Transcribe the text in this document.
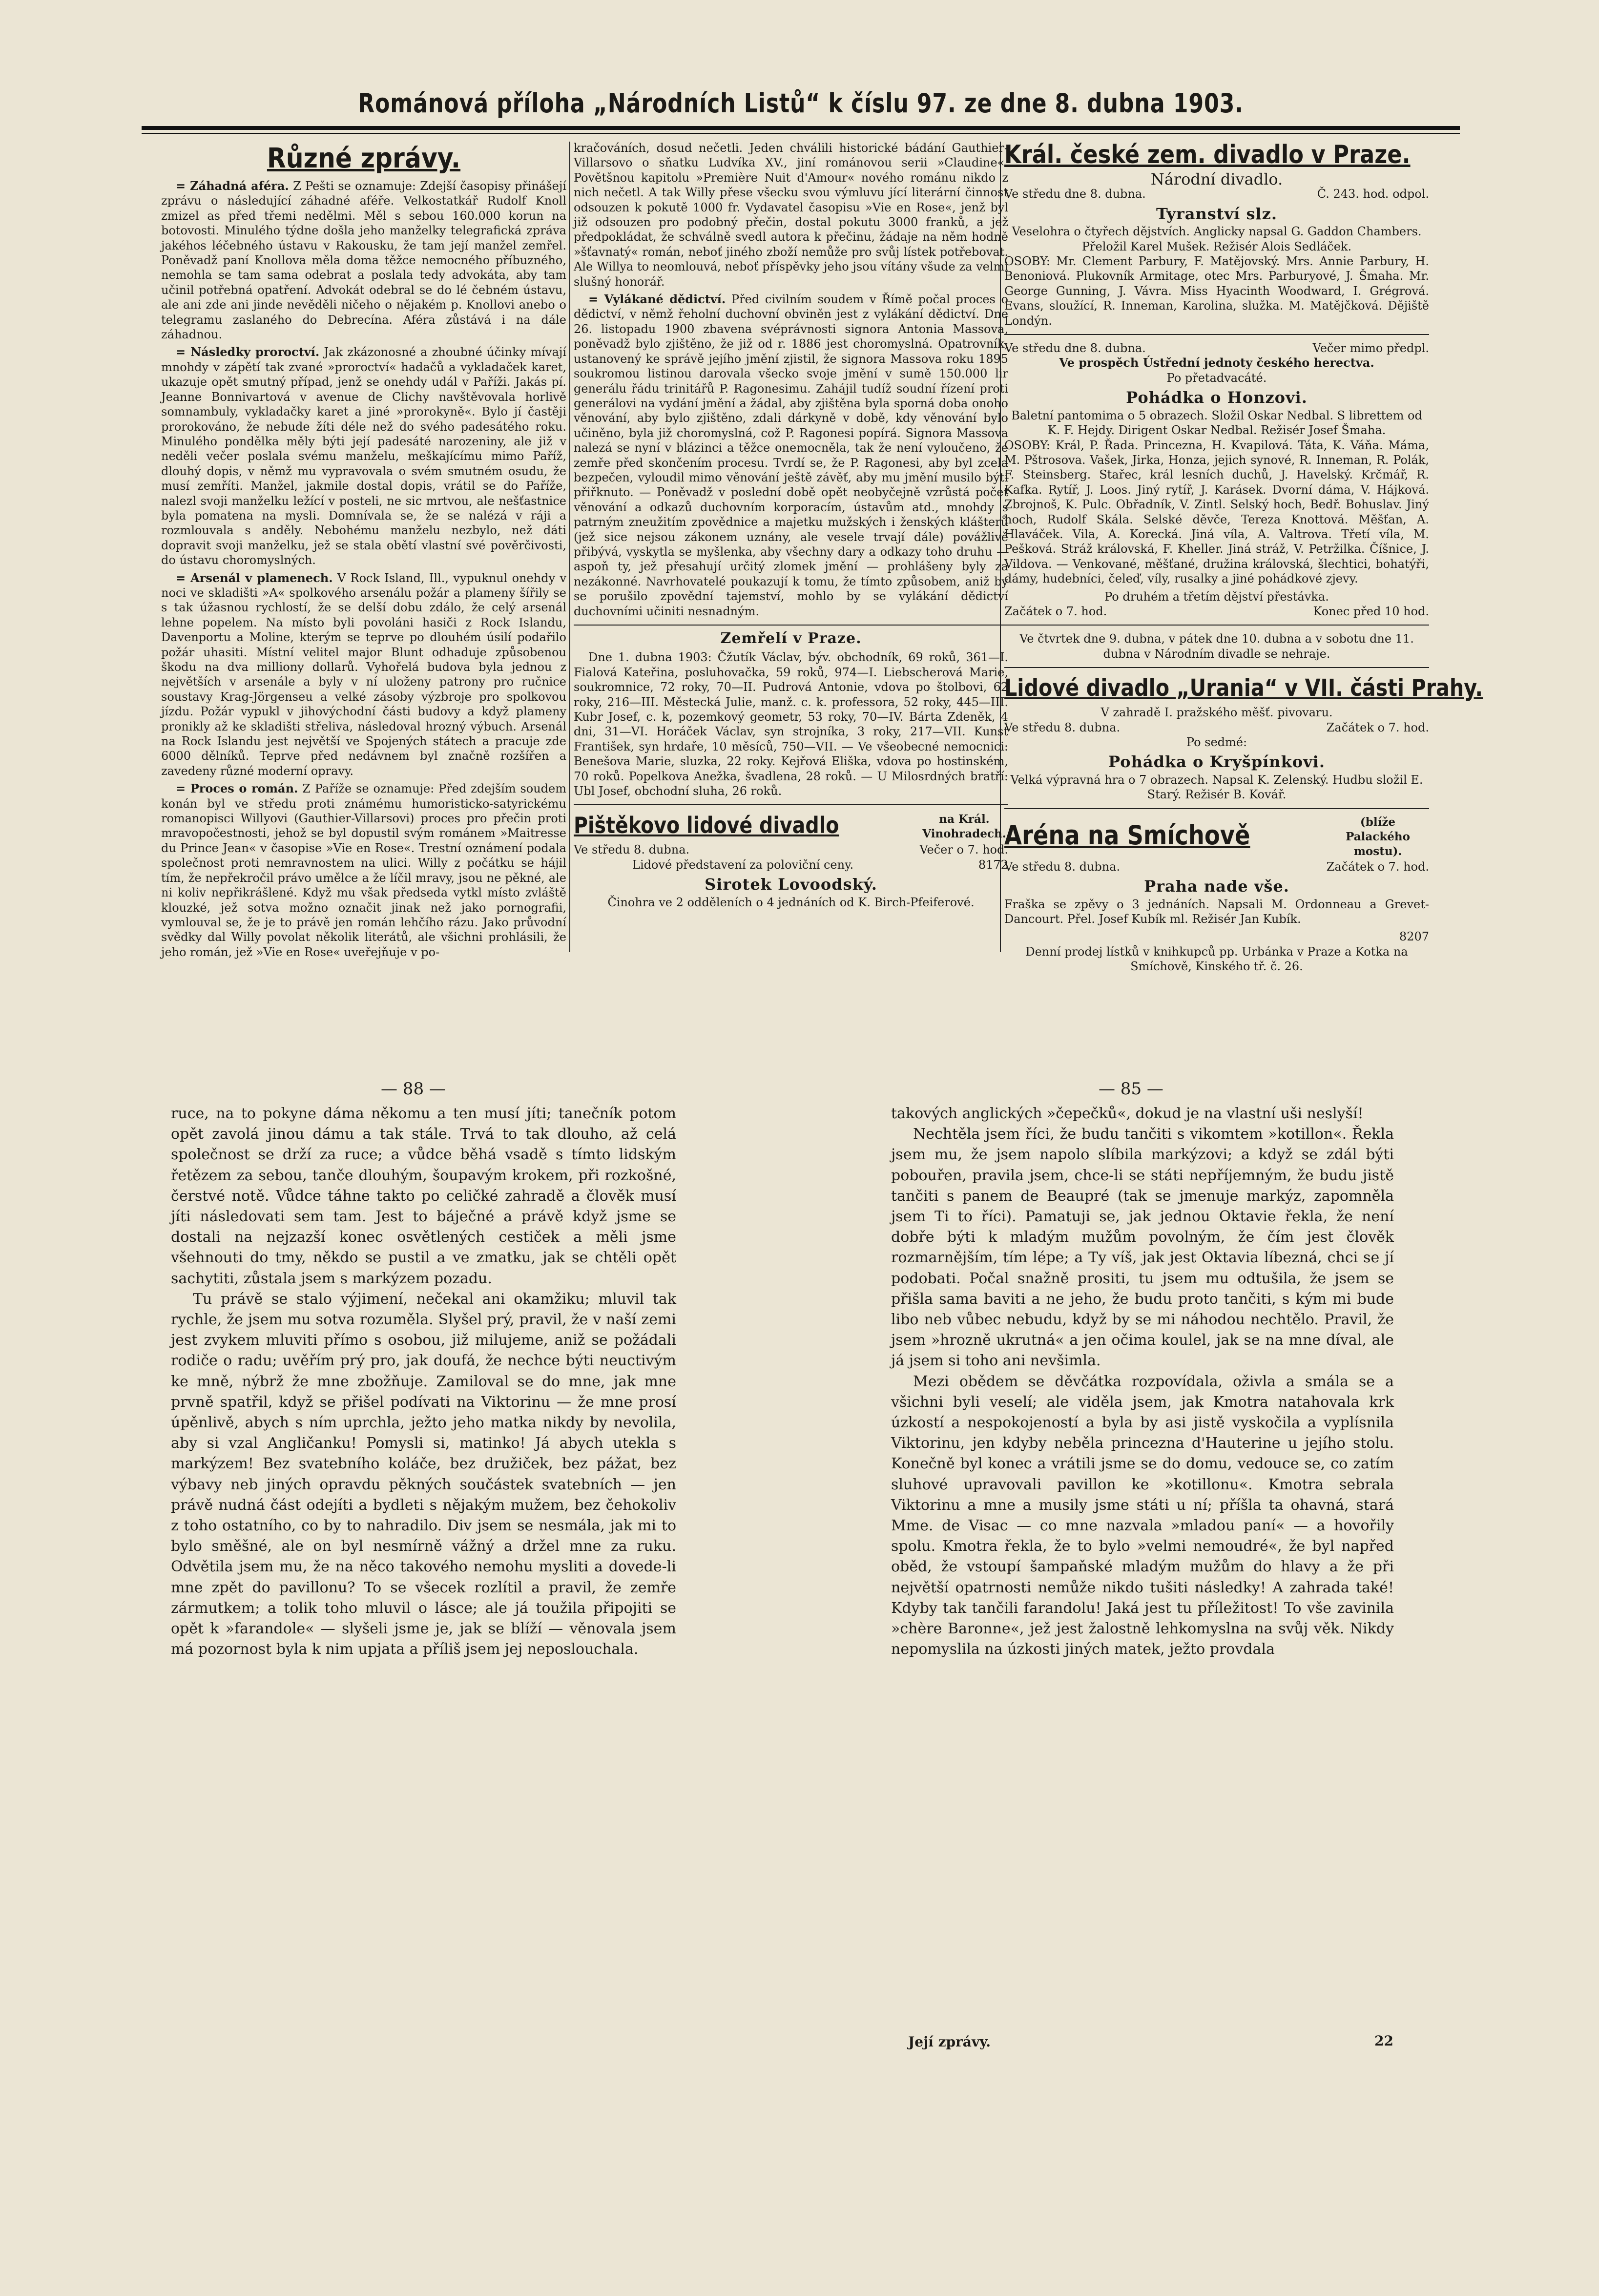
Románová příloha „Národních Listů“ k číslu 97. ze dne 8. dubna 1903.
Různé zprávy.

= Záhadná aféra. Z Pešti se oznamuje: Zdejší časopisy přinášejí zprávu o následující záhadné aféře. Velkostatkář Rudolf Knoll zmizel as před třemi nedělmi. Měl s sebou 160.000 korun na botovosti. Minulého týdne došla jeho manželky telegrafická zpráva jakéhos léčebného ústavu v Rakousku, že tam její manžel zemřel. Poněvadž paní Knollova měla doma těžce nemocného příbuzného, nemohla se tam sama odebrat a poslala tedy advokáta, aby tam učinil potřebná opatření. Advokát odebral se do lé čebném ústavu, ale ani zde ani jinde nevěděli ničeho o nějakém p. Knollovi anebo o telegramu zaslaného do Debrecína. Aféra zůstává i na dále záhadnou.

= Následky proroctví. Jak zkázonosné a zhoubné účinky mívají mnohdy v zápětí tak zvané »proroctví« hadačů a vykladaček karet, ukazuje opět smutný případ, jenž se onehdy udál v Paříži. Jakás pí. Jeanne Bonnivartová v avenue de Clichy navštěvovala horlivě somnambuly, vykladačky karet a jiné »prorokyně«. Bylo jí častěji prorokováno, že nebude žíti déle než do svého padesátého roku. Minulého pondělka měly býti její padesáté narozeniny, ale již v neděli večer poslala svému manželu, meškajícímu mimo Paříž, dlouhý dopis, v němž mu vypravovala o svém smutném osudu, že musí zemříti. Manžel, jakmile dostal dopis, vrátil se do Paříže, nalezl svoji manželku ležící v posteli, ne sic mrtvou, ale nešťastnice byla pomatena na mysli. Domnívala se, že se nalézá v ráji a rozmlouvala s anděly. Nebohému manželu nezbylo, než dáti dopravit svoji manželku, jež se stala obětí vlastní své pověrčivosti, do ústavu choromyslných.

= Arsenál v plamenech. V Rock Island, Ill., vypuknul onehdy v noci ve skladišti »A« spolkového arsenálu požár a plameny šířily se s tak úžasnou rychlostí, že se delší dobu zdálo, že celý arsenál lehne popelem. Na místo byli povoláni hasiči z Rock Islandu, Davenportu a Moline, kterým se teprve po dlouhém úsilí podařilo požár uhasiti. Místní velitel major Blunt odhaduje způsobenou škodu na dva milliony dollarů. Vyhořelá budova byla jednou z největších v arsenále a byly v ní uloženy patrony pro ručnice soustavy Krag-Jörgenseu a velké zásoby výzbroje pro spolkovou jízdu. Požár vypukl v jihovýchodní části budovy a když plameny pronikly až ke skladišti střeliva, následoval hrozný výbuch. Arsenál na Rock Islandu jest největší ve Spojených státech a pracuje zde 6000 dělníků. Teprve před nedávnem byl značně rozšířen a zavedeny různé moderní opravy.

= Proces o román. Z Paříže se oznamuje: Před zdejším soudem konán byl ve středu proti známému humoristicko-satyrickému romanopisci Willyovi (Gauthier-Villarsovi) proces pro přečin proti mravopočestnosti, jehož se byl dopustil svým románem »Maitresse du Prince Jean« v časopise »Vie en Rose«. Trestní oznámení podala společnost proti nemravnostem na ulici. Willy z počátku se hájil tím, že nepřekročil právo umělce a že líčil mravy, jsou ne pěkné, ale ni koliv nepřikrášlené. Když mu však předseda vytkl místo zvláště klouzké, jež sotva možno označit jinak než jako pornografii, vymlouval se, že je to právě jen román lehčího rázu. Jako průvodní svědky dal Willy povolat několik literátů, ale všichni prohlásili, že jeho román, jež »Vie en Rose« uveřejňuje v po-

kračováních, dosud nečetli. Jeden chválili historické bádání Gauthier-Villarsovo o sňatku Ludvíka XV., jiní románovou serii »Claudine«. Povětšnou kapitolu »Première Nuit d'Amour« nového románu nikdo z nich nečetl. A tak Willy přese všecku svou výmluvu jící literární činnost odsouzen k pokutě 1000 fr. Vydavatel časopisu »Vie en Rose«, jenž byl již odsouzen pro podobný přečin, dostal pokutu 3000 franků, a jež předpokládat, že schválně svedl autora k přečinu, žádaje na něm hodně »šťavnatý« román, neboť jiného zboží nemůže pro svůj lístek potřebovat. Ale Willya to neomlouvá, neboť příspěvky jeho jsou vítány všude za velmi slušný honorář.

= Vylákané dědictví. Před civilním soudem v Římě počal proces o dědictví, v němž řeholní duchovní obviněn jest z vylákání dědictví. Dne 26. listopadu 1900 zbavena svéprávnosti signora Antonia Massova, poněvadž bylo zjištěno, že již od r. 1886 jest choromyslná. Opatrovník, ustanovený ke správě jejího jmění zjistil, že signora Massova roku 1895 soukromou listinou darovala všecko svoje jmění v sumě 150.000 lir generálu řádu trinitářů P. Ragonesimu. Zahájil tudíž soudní řízení proti generálovi na vydání jmění a žádal, aby zjištěna byla sporná doba onoho věnování, aby bylo zjištěno, zdali dárkyně v době, kdy věnování bylo učiněno, byla již choromyslná, což P. Ragonesi popírá. Signora Massova nalezá se nyní v blázinci a těžce onemocněla, tak že není vyloučeno, že zemře před skončením procesu. Tvrdí se, že P. Ragonesi, aby byl zcela bezpečen, vyloudil mimo věnování ještě závěť, aby mu jmění musilo býti přiřknuto. — Poněvadž v poslední době opět neobyčejně vzrůstá počet věnování a odkazů duchovním korporacím, ústavům atd., mnohdy s patrným zneužitím zpovědnice a majetku mužských i ženských klášterů (jež sice nejsou zákonem uznány, ale vesele trvají dále) povážlivě přibývá, vyskytla se myšlenka, aby všechny dary a odkazy toho druhu — aspoň ty, jež přesahují určitý zlomek jmění — prohlášeny byly za nezákonné. Navrhovatelé poukazují k tomu, že tímto způsobem, aniž by se porušilo zpovědní tajemství, mohlo by se vylákání dědictví duchovními učiniti nesnadným.

Zemřelí v Praze.

Dne 1. dubna 1903: Čžutík Václav, býv. obchodník, 69 roků, 361—I. Fialová Kateřina, posluhovačka, 59 roků, 974—I. Liebscherová Marie, soukromnice, 72 roky, 70—II. Pudrová Antonie, vdova po štolbovi, 62 roky, 216—III. Městecká Julie, manž. c. k. professora, 52 roky, 445—III. Kubr Josef, c. k, pozemkový geometr, 53 roky, 70—IV. Bárta Zdeněk, 4 dni, 31—VI. Horáček Václav, syn strojníka, 3 roky, 217—VII. Kunst František, syn hrdaře, 10 měsíců, 750—VII. — Ve všeobecné nemocnici: Benešova Marie, sluzka, 22 roky. Kejřová Eliška, vdova po hostinském, 70 roků. Popelkova Anežka, švadlena, 28 roků. — U Milosrdných bratří: Ubl Josef, obchodní sluha, 26 roků.

Pištěkovo lidové divadlo	na Král. Vinohradech.
Ve středu 8. dubna.	Večer o 7. hod.
Lidové představení za poloviční ceny.	8172
Sirotek Lovoodský.
Činohra ve 2 odděleních o 4 jednáních od K. Birch-Pfeiferové.
Král. české zem. divadlo v Praze.
Národní divadlo.
Ve středu dne 8. dubna.	Č. 243. hod. odpol.
Tyranství slz.
Veselohra o čtyřech dějstvích. Anglicky napsal G. Gaddon Chambers. Přeložil Karel Mušek. Režisér Alois Sedláček.

OSOBY: Mr. Clement Parbury, F. Matějovský. Mrs. Annie Parbury, H. Benoniová. Plukovník Armitage, otec Mrs. Parburyové, J. Šmaha. Mr. George Gunning, J. Vávra. Miss Hyacinth Woodward, I. Grégrová. Evans, sloužící, R. Inneman, Karolina, služka. M. Matějčková. Dějiště Londýn.

Ve středu dne 8. dubna.	Večer mimo předpl.
Ve prospěch Ústřední jednoty českého herectva.
Po přetadvacáté.
Pohádka o Honzovi.
Baletní pantomima o 5 obrazech. Složil Oskar Nedbal. S librettem od K. F. Hejdy. Dirigent Oskar Nedbal. Režisér Josef Šmaha.

OSOBY: Král, P. Řada. Princezna, H. Kvapilová. Táta, K. Váňa. Máma, M. Pštrosova. Vašek, Jirka, Honza, jejich synové, R. Inneman, R. Polák, F. Steinsberg. Stařec, král lesních duchů, J. Havelský. Krčmář, R. Kafka. Rytíř, J. Loos. Jiný rytíř, J. Karásek. Dvorní dáma, V. Hájková. Zbrojnoš, K. Pulc. Obřadník, V. Zintl. Selský hoch, Bedř. Bohuslav. Jiný hoch, Rudolf Skála. Selské děvče, Tereza Knottová. Měšťan, A. Hlaváček. Vila, A. Korecká. Jiná víla, A. Valtrova. Třetí víla, M. Pešková. Stráž královská, F. Kheller. Jiná stráž, V. Petržilka. Číšnice, J. Vildova. — Venkované, měšťané, družina královská, šlechtici, bohatýři, dámy, hudebníci, čeleď, víly, rusalky a jiné pohádkové zjevy.

Po druhém a třetím dějství přestávka.
Začátek o 7. hod.	Konec před 10 hod.
Ve čtvrtek dne 9. dubna, v pátek dne 10. dubna a v sobotu dne 11. dubna v Národním divadle se nehraje.
Lidové divadlo „Urania“ v VII. části Prahy.
V zahradě I. pražského měšť. pivovaru.
Ve středu 8. dubna.	Začátek o 7. hod.
Po sedmé:
Pohádka o Kryšpínkovi.
Velká výpravná hra o 7 obrazech. Napsal K. Zelenský. Hudbu složil E. Starý. Režisér B. Kovář.
Aréna na Smíchově	(blíže Palackého mostu).
Ve středu 8. dubna.	Začátek o 7. hod.
Praha nade vše.

Fraška se zpěvy o 3 jednáních. Napsali M. Ordonneau a Grevet-Dancourt. Přel. Josef Kubík ml. Režisér Jan Kubík.

8207
Denní prodej lístků v knihkupců pp. Urbánka v Praze a Kotka na Smíchově, Kinského tř. č. 26.
— 88 —	— 85 —

ruce, na to pokyne dáma někomu a ten musí jíti; tanečník potom opět zavolá jinou dámu a tak stále. Trvá to tak dlouho, až celá společnost se drží za ruce; a vůdce běhá vsadě s tímto lidským řetězem za sebou, tanče dlouhým, šoupavým krokem, při rozkošné, čerstvé notě. Vůdce táhne takto po celičké zahradě a člověk musí jíti následovati sem tam. Jest to báječné a právě když jsme se dostali na nejzazší konec osvětlených cestiček a měli jsme všehnouti do tmy, někdo se pustil a ve zmatku, jak se chtěli opět sachytiti, zůstala jsem s markýzem pozadu.

Tu právě se stalo výjimení, nečekal ani okamžiku; mluvil tak rychle, že jsem mu sotva rozuměla. Slyšel prý, pravil, že v naší zemi jest zvykem mluviti přímo s osobou, již milujeme, aniž se požádali rodiče o radu; uvěřím prý pro, jak doufá, že nechce býti neuctivým ke mně, nýbrž že mne zbožňuje. Zamiloval se do mne, jak mne prvně spatřil, když se přišel podívati na Viktorinu — že mne prosí úpěnlivě, abych s ním uprchla, ježto jeho matka nikdy by nevolila, aby si vzal Angličanku! Pomysli si, matinko! Já abych utekla s markýzem! Bez svatebního koláče, bez družiček, bez pážat, bez výbavy neb jiných opravdu pěkných součástek svatebních — jen právě nudná část odejíti a bydleti s nějakým mužem, bez čehokoliv z toho ostatního, co by to nahradilo. Div jsem se nesmála, jak mi to bylo směšné, ale on byl nesmírně vážný a držel mne za ruku. Odvětila jsem mu, že na něco takového nemohu mysliti a dovede-li mne zpět do pavillonu? To se všecek rozlítil a pravil, že zemře zármutkem; a tolik toho mluvil o lásce; ale já toužila připojiti se opět k »farandole« — slyšeli jsme je, jak se blíží — věnovala jsem má pozornost byla k nim upjata a příliš jsem jej neposlouchala.

takových anglických »čepečků«, dokud je na vlastní uši neslyší!

Nechtěla jsem říci, že budu tančiti s vikomtem »kotillon«. Řekla jsem mu, že jsem napolo slíbila markýzovi; a když se zdál býti pobouřen, pravila jsem, chce-li se státi nepříjemným, že budu jistě tančiti s panem de Beaupré (tak se jmenuje markýz, zapomněla jsem Ti to říci). Pamatuji se, jak jednou Oktavie řekla, že není dobře býti k mladým mužům povolným, že čím jest člověk rozmarnějším, tím lépe; a Ty víš, jak jest Oktavia líbezná, chci se jí podobati. Počal snažně prositi, tu jsem mu odtušila, že jsem se přišla sama baviti a ne jeho, že budu proto tančiti, s kým mi bude libo neb vůbec nebudu, když by se mi náhodou nechtělo. Pravil, že jsem »hrozně ukrutná« a jen očima koulel, jak se na mne díval, ale já jsem si toho ani nevšimla.

Mezi obědem se děvčátka rozpovídala, oživla a smála se a všichni byli veselí; ale viděla jsem, jak Kmotra natahovala krk úzkostí a nespokojeností a byla by asi jistě vyskočila a vyplísnila Viktorinu, jen kdyby neběla princezna d'Hauterine u jejího stolu. Konečně byl konec a vrátili jsme se do domu, vedouce se, co zatím sluhové upravovali pavillon ke »kotillonu«. Kmotra sebrala Viktorinu a mne a musily jsme státi u ní; příšla ta ohavná, stará Mme. de Visac — co mne nazvala »mladou paní« — a hovořily spolu. Kmotra řekla, že to bylo »velmi nemoudré«, že byl napřed oběd, že vstoupí šampaňské mladým mužům do hlavy a že při největší opatrnosti nemůže nikdo tušiti následky! A zahrada také! Kdyby tak tančili farandolu! Jaká jest tu příležitost! To vše zavinila »chère Baronne«, jež jest žalostně lehkomyslna na svůj věk. Nikdy nepomyslila na úzkosti jiných matek, ježto provdala

Její zprávy.	22
